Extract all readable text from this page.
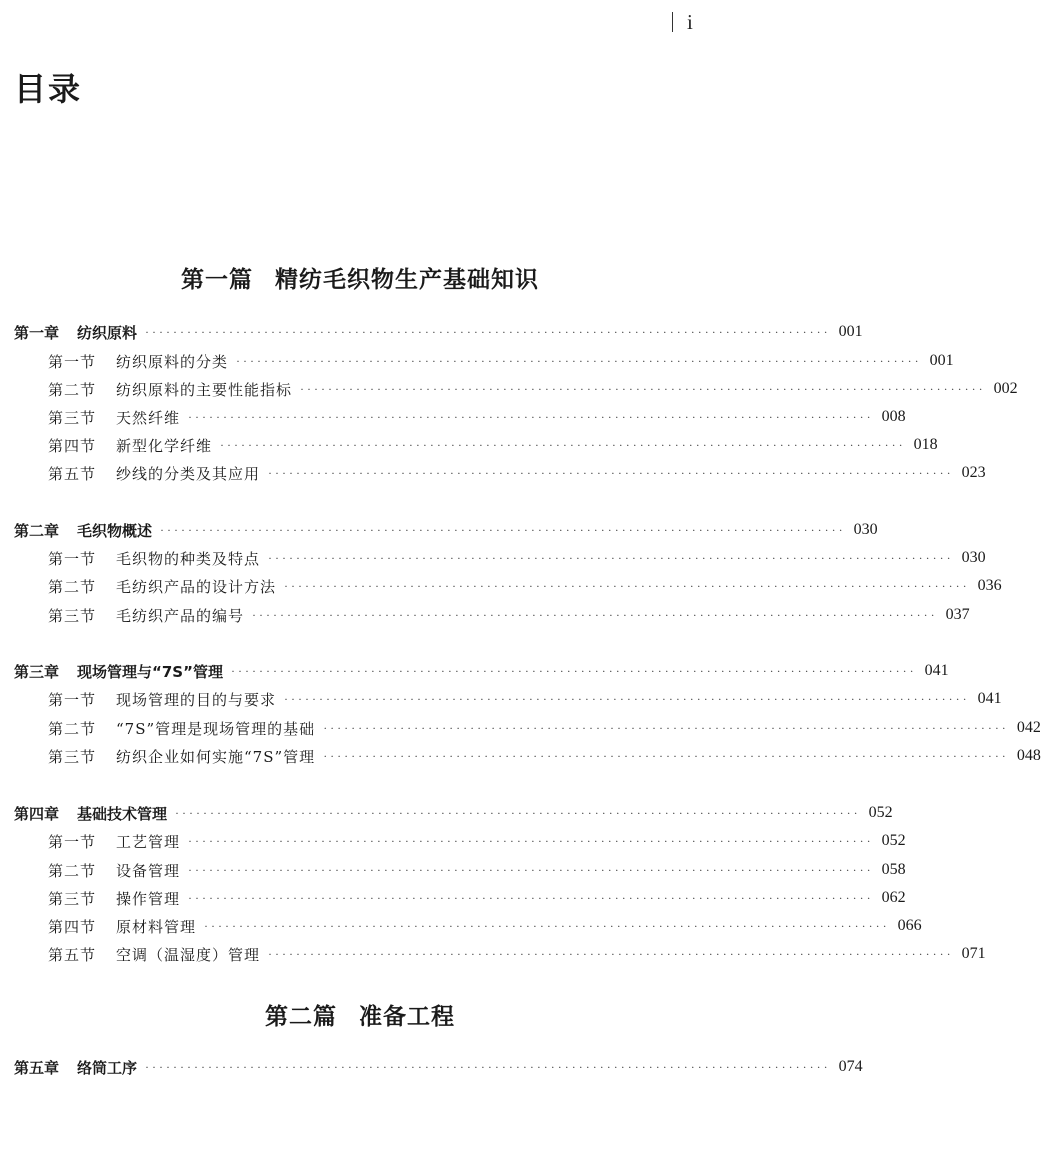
i
目录
第一篇 精纺毛织物生产基础知识
第一章 纺织原料 ·································································································· 001
第一节 纺织原料的分类 ·································································································· 001
第二节 纺织原料的主要性能指标 ·································································································· 002
第三节 天然纤维 ·································································································· 008
第四节 新型化学纤维 ·································································································· 018
第五节 纱线的分类及其应用 ·································································································· 023
第二章 毛织物概述 ·································································································· 030
第一节 毛织物的种类及特点 ·································································································· 030
第二节 毛纺织产品的设计方法 ·································································································· 036
第三节 毛纺织产品的编号 ·································································································· 037
第三章 现场管理与“7S”管理 ·································································································· 041
第一节 现场管理的目的与要求 ·································································································· 041
第二节 “7S”管理是现场管理的基础 ·································································································· 042
第三节 纺织企业如何实施“7S”管理 ·································································································· 048
第四章 基础技术管理 ·································································································· 052
第一节 工艺管理 ·································································································· 052
第二节 设备管理 ·································································································· 058
第三节 操作管理 ·································································································· 062
第四节 原材料管理 ·································································································· 066
第五节 空调（温湿度）管理 ·································································································· 071
第二篇 准备工程
第五章 络筒工序 ·································································································· 074
